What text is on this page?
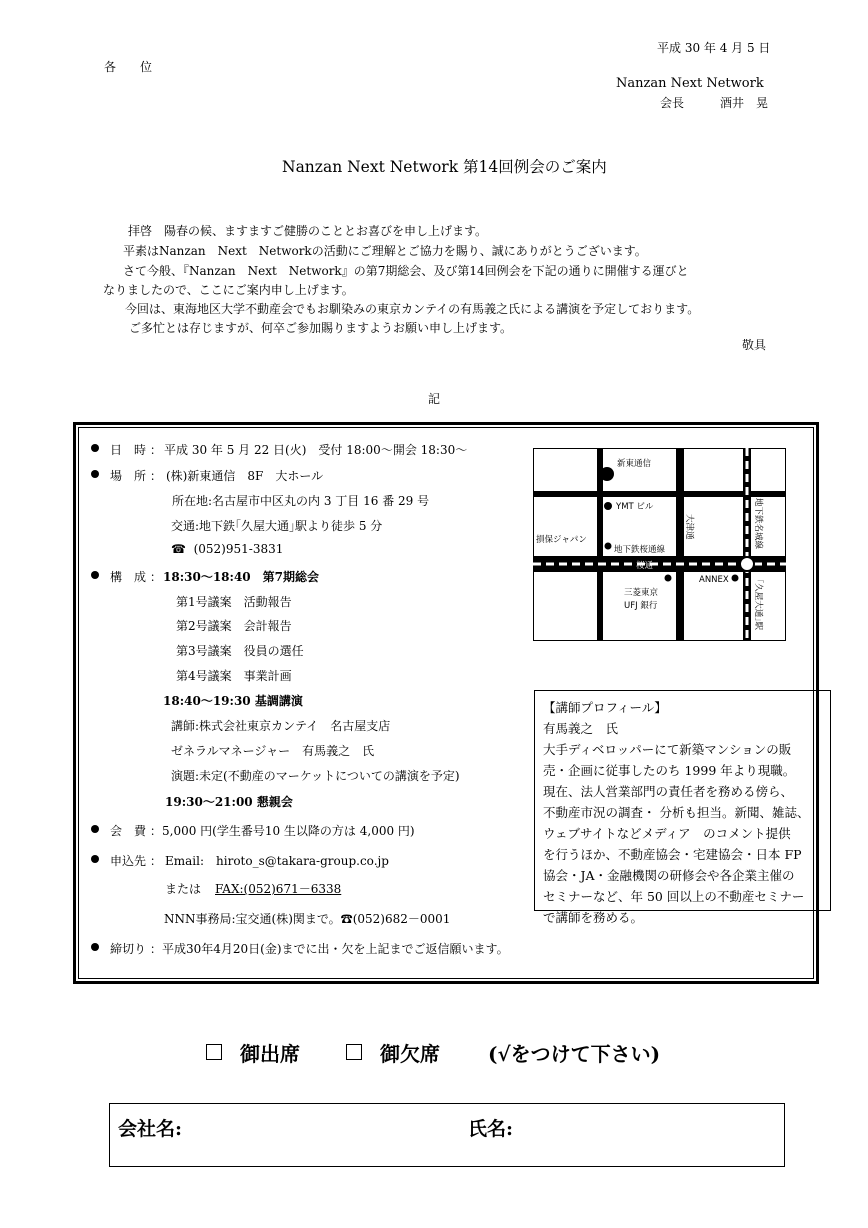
平成 30 年 4 月 5 日
各　　位
Nanzan Next Network
会長　　　酒井　晃
Nanzan Next Network 第14回例会のご案内
拝啓　陽春の候、ますますご健勝のこととお喜びを申し上げます。
平素はNanzan　Next　Networkの活動にご理解とご協力を賜り、誠にありがとうございます。
さて今般、『Nanzan　Next　Network』の第7期総会、及び第14回例会を下記の通りに開催する運びと
なりましたので、ここにご案内申し上げます。
今回は、東海地区大学不動産会でもお馴染みの東京カンテイの有馬義之氏による講演を予定しております。
ご多忙とは存じますが、何卒ご参加賜りますようお願い申し上げます。
敬具
記
日　時 ： 平成 30 年 5 月 22 日(火)　受付 18:00～開会 18:30～
場　所 ： (株)新東通信　8F　大ホール
所在地:名古屋市中区丸の内 3 丁目 16 番 29 号
交通:地下鉄｢久屋大通｣駅より徒歩 5 分
☎ (052)951-3831
構　成 ： 18:30～18:40　第7期総会
第1号議案　活動報告
第2号議案　会計報告
第3号議案　役員の選任
第4号議案　事業計画
18:40～19:30 基調講演
講師:株式会社東京カンテイ　名古屋支店
ゼネラルマネージャー　有馬義之　氏
演題:未定(不動産のマーケットについての講演を予定)
19:30～21:00 懇親会
会　費 ： 5,000 円(学生番号10 生以降の方は 4,000 円)
申込先 ： Email:　hiroto_s@takara-group.co.jp
または FAX:(052)671－6338
NNN事務局:宝交通(株)関まで。☎(052)682－0001
締切り ： 平成30年4月20日(金)までに出・欠を上記までご返信願います。
新東通信
YMT ビル
損保ジャパン
地下鉄桜通線
桜通
ANNEX
三菱東京
UFJ 銀行
大津通	地下鉄名城線
｢久屋大通｣駅
【講師プロフィール】
有馬義之　氏
大手ディベロッパーにて新築マンションの販
売・企画に従事したのち 1999 年より現職。
現在、法人営業部門の責任者を務める傍ら、
不動産市況の調査・ 分析も担当。新聞、雑誌、
ウェブサイトなどメディア　のコメント提供
を行うほか、不動産協会・宅建協会・日本 FP
協会・JA・金融機関の研修会や各企業主催の
セミナーなど、年 50 回以上の不動産セミナー
で講師を務める。
御出席	御欠席 (√をつけて下さい)
会社名:	氏名:
